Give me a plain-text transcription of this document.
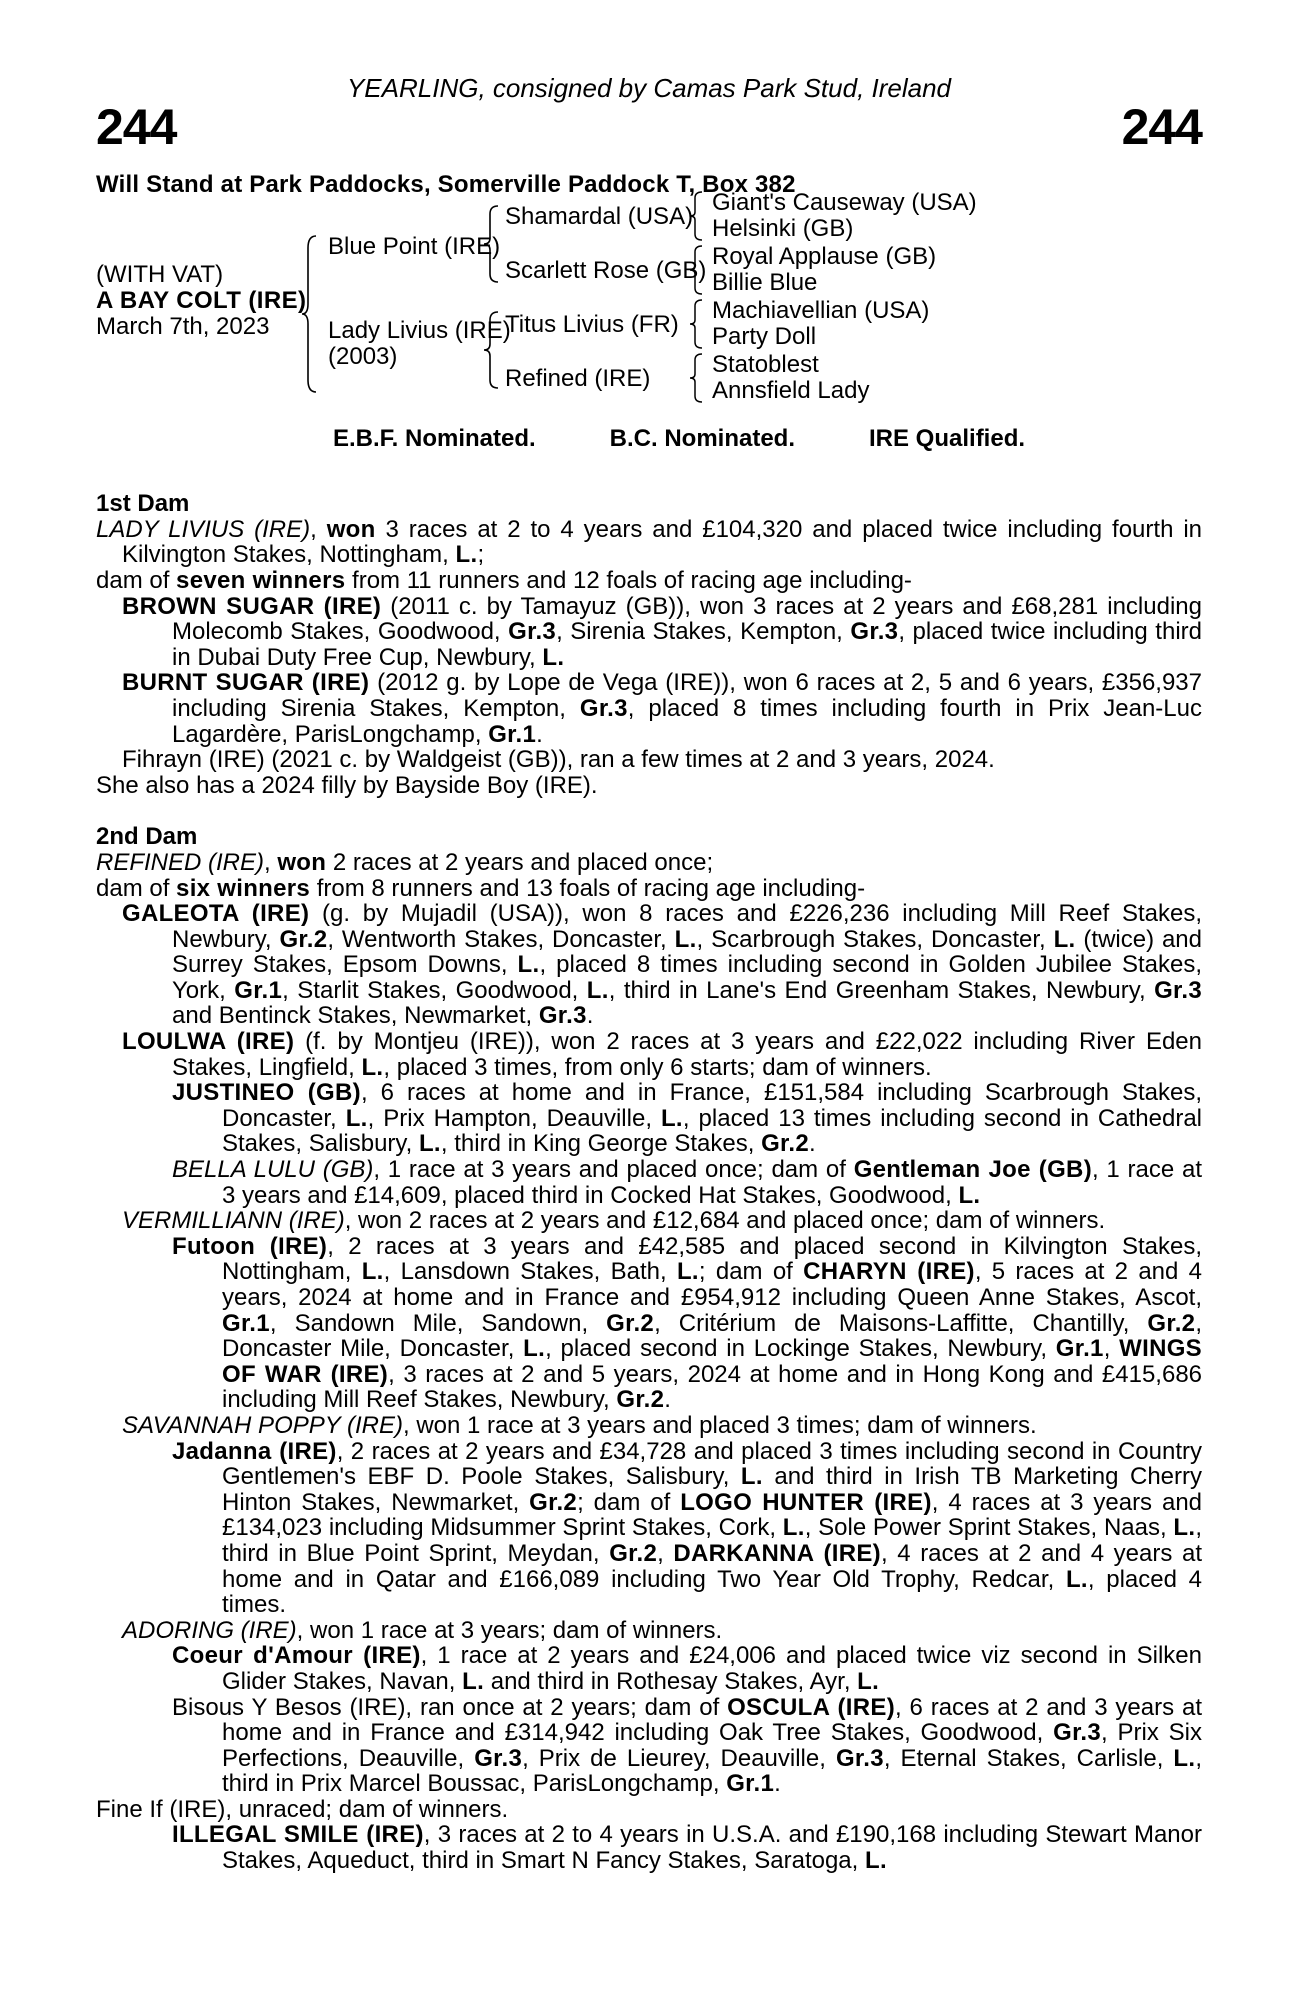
YEARLING, consigned by Camas Park Stud, Ireland
244	244
Will Stand at Park Paddocks, Somerville Paddock T, Box 382
(WITH VAT)
A BAY COLT (IRE)
March 7th, 2023
Blue Point (IRE)
Lady Livius (IRE)
(2003)
Shamardal (USA)
Scarlett Rose (GB)
Titus Livius (FR)
Refined (IRE)
Giant's Causeway (USA)
Helsinki (GB)
Royal Applause (GB)
Billie Blue
Machiavellian (USA)
Party Doll
Statoblest
Annsfield Lady
E.B.F. Nominated.	B.C. Nominated.	IRE Qualified.
1st Dam

LADY LIVIUS (IRE), won 3 races at 2 to 4 years and £104,320 and placed twice including fourth in Kilvington Stakes, Nottingham, L.;

dam of seven winners from 11 runners and 12 foals of racing age including-

BROWN SUGAR (IRE) (2011 c. by Tamayuz (GB)), won 3 races at 2 years and £68,281 including Molecomb Stakes, Goodwood, Gr.3, Sirenia Stakes, Kempton, Gr.3, placed twice including third in Dubai Duty Free Cup, Newbury, L.

BURNT SUGAR (IRE) (2012 g. by Lope de Vega (IRE)), won 6 races at 2, 5 and 6 years, £356,937 including Sirenia Stakes, Kempton, Gr.3, placed 8 times including fourth in Prix Jean-Luc Lagardère, ParisLongchamp, Gr.1.

Fihrayn (IRE) (2021 c. by Waldgeist (GB)), ran a few times at 2 and 3 years, 2024.

She also has a 2024 filly by Bayside Boy (IRE).

2nd Dam

REFINED (IRE), won 2 races at 2 years and placed once;

dam of six winners from 8 runners and 13 foals of racing age including-

GALEOTA (IRE) (g. by Mujadil (USA)), won 8 races and £226,236 including Mill Reef Stakes, Newbury, Gr.2, Wentworth Stakes, Doncaster, L., Scarbrough Stakes, Doncaster, L. (twice) and Surrey Stakes, Epsom Downs, L., placed 8 times including second in Golden Jubilee Stakes, York, Gr.1, Starlit Stakes, Goodwood, L., third in Lane's End Greenham Stakes, Newbury, Gr.3 and Bentinck Stakes, Newmarket, Gr.3.

LOULWA (IRE) (f. by Montjeu (IRE)), won 2 races at 3 years and £22,022 including River Eden Stakes, Lingfield, L., placed 3 times, from only 6 starts; dam of winners.

JUSTINEO (GB), 6 races at home and in France, £151,584 including Scarbrough Stakes, Doncaster, L., Prix Hampton, Deauville, L., placed 13 times including second in Cathedral Stakes, Salisbury, L., third in King George Stakes, Gr.2.

BELLA LULU (GB), 1 race at 3 years and placed once; dam of Gentleman Joe (GB), 1 race at 3 years and £14,609, placed third in Cocked Hat Stakes, Goodwood, L.

VERMILLIANN (IRE), won 2 races at 2 years and £12,684 and placed once; dam of winners.

Futoon (IRE), 2 races at 3 years and £42,585 and placed second in Kilvington Stakes, Nottingham, L., Lansdown Stakes, Bath, L.; dam of CHARYN (IRE), 5 races at 2 and 4 years, 2024 at home and in France and £954,912 including Queen Anne Stakes, Ascot, Gr.1, Sandown Mile, Sandown, Gr.2, Critérium de Maisons-Laffitte, Chantilly, Gr.2, Doncaster Mile, Doncaster, L., placed second in Lockinge Stakes, Newbury, Gr.1, WINGS OF WAR (IRE), 3 races at 2 and 5 years, 2024 at home and in Hong Kong and £415,686 including Mill Reef Stakes, Newbury, Gr.2.

SAVANNAH POPPY (IRE), won 1 race at 3 years and placed 3 times; dam of winners.

Jadanna (IRE), 2 races at 2 years and £34,728 and placed 3 times including second in Country Gentlemen's EBF D. Poole Stakes, Salisbury, L. and third in Irish TB Marketing Cherry Hinton Stakes, Newmarket, Gr.2; dam of LOGO HUNTER (IRE), 4 races at 3 years and £134,023 including Midsummer Sprint Stakes, Cork, L., Sole Power Sprint Stakes, Naas, L., third in Blue Point Sprint, Meydan, Gr.2, DARKANNA (IRE), 4 races at 2 and 4 years at home and in Qatar and £166,089 including Two Year Old Trophy, Redcar, L., placed 4 times.

ADORING (IRE), won 1 race at 3 years; dam of winners.

Coeur d'Amour (IRE), 1 race at 2 years and £24,006 and placed twice viz second in Silken Glider Stakes, Navan, L. and third in Rothesay Stakes, Ayr, L.

Bisous Y Besos (IRE), ran once at 2 years; dam of OSCULA (IRE), 6 races at 2 and 3 years at home and in France and £314,942 including Oak Tree Stakes, Goodwood, Gr.3, Prix Six Perfections, Deauville, Gr.3, Prix de Lieurey, Deauville, Gr.3, Eternal Stakes, Carlisle, L., third in Prix Marcel Boussac, ParisLongchamp, Gr.1.

Fine If (IRE), unraced; dam of winners.

ILLEGAL SMILE (IRE), 3 races at 2 to 4 years in U.S.A. and £190,168 including Stewart Manor Stakes, Aqueduct, third in Smart N Fancy Stakes, Saratoga, L.
